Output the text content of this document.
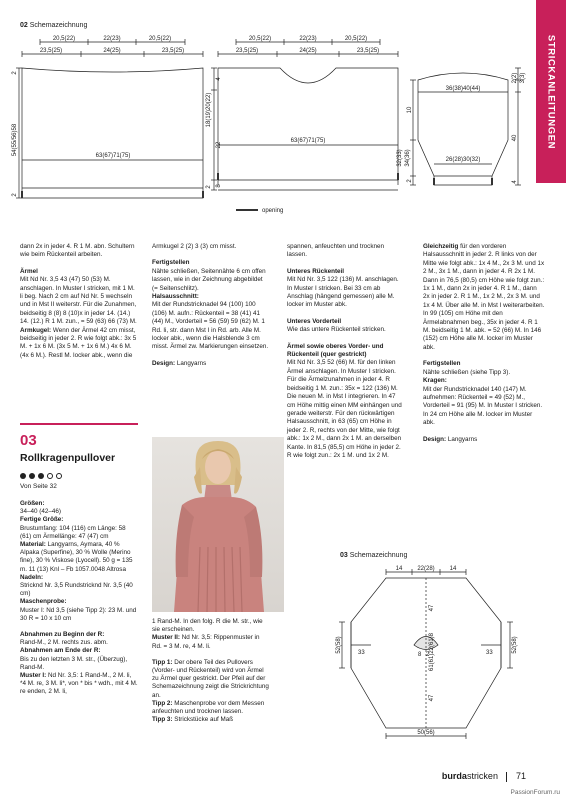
STRICKANLEITUNGEN
02 Schemazeichnung
20,5(22)	22(23)	20,5(22)
23,5(25)	24(25)	23,5(25)
63(67)71(75)
54(55/56)58
2
2
20,5(22)	22(23)	20,5(22)
23,5(25)	24(25)	23,5(25)
4
18(19)20(22)
22
8
2
63(67)71(75)
36(38)40(44)
10
32(33) 34(36)
2(2) 3(3)
40
26(28)30(32)
2	4
opening

dann 2x in jeder 4. R 1 M. abn. Schultern wie beim Rückenteil arbeiten.

Ärmel
Mit Nd Nr. 3,5 43 (47) 50 (53) M. anschlagen. In Muster I stricken, mit 1 M. li beg. Nach 2 cm auf Nd Nr. 5 wechseln und in Mst II weiterstr. Für die Zunahmen, beidseitig 8 (8) 8 (10)x in jeder 14. (14.) 14. (12.) R 1 M. zun., = 59 (63) 66 (73) M.

Armkugel: Wenn der Ärmel 42 cm misst, beidseitig in jeder 2. R wie folgt abk.: 3x 5 M. + 1x 6 M. (3x 5 M. + 1x 6 M.) 4x 6 M. (4x 6 M.). Restl M. locker abk., wenn die

Armkugel 2 (2) 3 (3) cm misst.

Fertigstellen
Nähte schließen, Seitennähte 6 cm offen lassen, wie in der Zeichnung abgebildet (= Seitenschlitz).

Halsausschnitt:
Mit der Rundstricknadel 94 (100) 100 (106) M. aufn.: Rückenteil = 38 (41) 41 (44) M., Vorderteil = 56 (59) 59 (62) M. 1 Rd. li, str. dann Mst I in Rd. arb. Alle M. locker abk., wenn die Halsblende 3 cm misst. Ärmel zw. Markierungen einsetzen.

Design: Langyarns

spannen, anfeuchten und trocknen lassen.

Unteres Rückenteil
Mit Nd Nr. 3,5 122 (136) M. anschlagen. In Muster I stricken. Bei 33 cm ab Anschlag (hängend gemessen) alle M. locker im Muster abk.

Unteres Vorderteil
Wie das untere Rückenteil stricken.

Ärmel sowie oberes Vorder- und Rückenteil (quer gestrickt)
Mit Nd Nr. 3,5 52 (66) M. für den linken Ärmel anschlagen. In Muster I stricken. Für die Ärmelzunahmen in jeder 4. R beidseitig 1 M. zun.: 35x = 122 (136) M. Die neuen M. in Mst I integrieren. In 47 cm Höhe mittig einen MM einhängen und gerade weiterstr. Für den rückwärtigen Halsausschnitt, in 63 (65) cm Höhe in jeder 2. R, rechts von der Mitte, wie folgt abk.: 1x 2 M., dann 2x 1 M. an derselben Kante. In 81,5 (85,5) cm Höhe in jeder 2. R wie folgt zun.: 2x 1 M. und 1x 2 M.

Gleichzeitig für den vorderen Halsausschnitt in jeder 2. R links von der Mitte wie folgt abk.: 1x 4 M., 2x 3 M. und 1x 2 M., 3x 1 M., dann in jeder 4. R 2x 1 M. Dann in 76,5 (80,5) cm Höhe wie folgt zun.: 1x 1 M., dann 2x in jeder 4. R 1 M., dann 2x in jeder 2. R 1 M., 1x 2 M., 2x 3 M. und 1x 4 M. Über alle M. in Mst I weiterarbeiten. In 99 (105) cm Höhe mit den Ärmelabnahmen beg., 35x in jeder 4. R 1 M. beidseitig 1 M. abk. = 52 (66) M. In 146 (152) cm Höhe alle M. locker im Muster abk.

Fertigstellen
Nähte schließen (siehe Tipp 3).

Kragen:
Mit der Rundstricknadel 140 (147) M. aufnehmen: Rückenteil = 49 (52) M., Vorderteil = 91 (95) M. In Muster I stricken. In 24 cm Höhe alle M. locker im Muster abk.

Design: Langyarns

03
Rollkragenpullover
Von Seite 32

Größen:
34–40 (42–46)

Fertige Größe:
Brustumfang: 104 (116) cm Länge: 58 (61) cm Ärmellänge: 47 (47) cm

Material: Langyarns, Aymara, 40 % Alpaka (Superfine), 30 % Wolle (Merino fine), 30 % Viskose (Lyocell). 50 g = 135 m. 11 (13) Knl – Fb 1057.0048 Altrosa

Nadeln:
Stricknd Nr. 3,5 Rundstricknd Nr. 3,5 (40 cm)

Maschenprobe:
Muster I: Nd 3,5 (siehe Tipp 2): 23 M. und 30 R = 10 x 10 cm

Abnahmen zu Beginn der R:
Rand-M., 2 M. rechts zus. abm.

Abnahmen am Ende der R:
Bis zu den letzten 3 M. str., (Überzug), Rand-M.

Muster I: Nd Nr. 3,5: 1 Rand-M., 2 M. li, *4 M. re, 3 M. li*, von * bis * wdh., mit 4 M. re enden, 2 M. li,

1 Rand-M. In den folg. R die M. str., wie sie erscheinen.

Muster II: Nd Nr. 3,5: Rippenmuster in Rd. = 3 M. re, 4 M. li.

Tipp 1: Der obere Teil des Pullovers (Vorder- und Rückenteil) wird von Ärmel zu Ärmel quer gestrickt. Der Pfeil auf der Schemazeichnung zeigt die Strickrichtung an.

Tipp 2: Maschenprobe vor dem Messen anfeuchten und trocknen lassen.

Tipp 3: Strickstücke auf Maß

03 Schemazeichnung
14 22(28) 14
52(58)	33	52(58)
33
47
61(61)22(61)8
47
8 2
50(56)
burdastricken 71
PassionForum.ru
